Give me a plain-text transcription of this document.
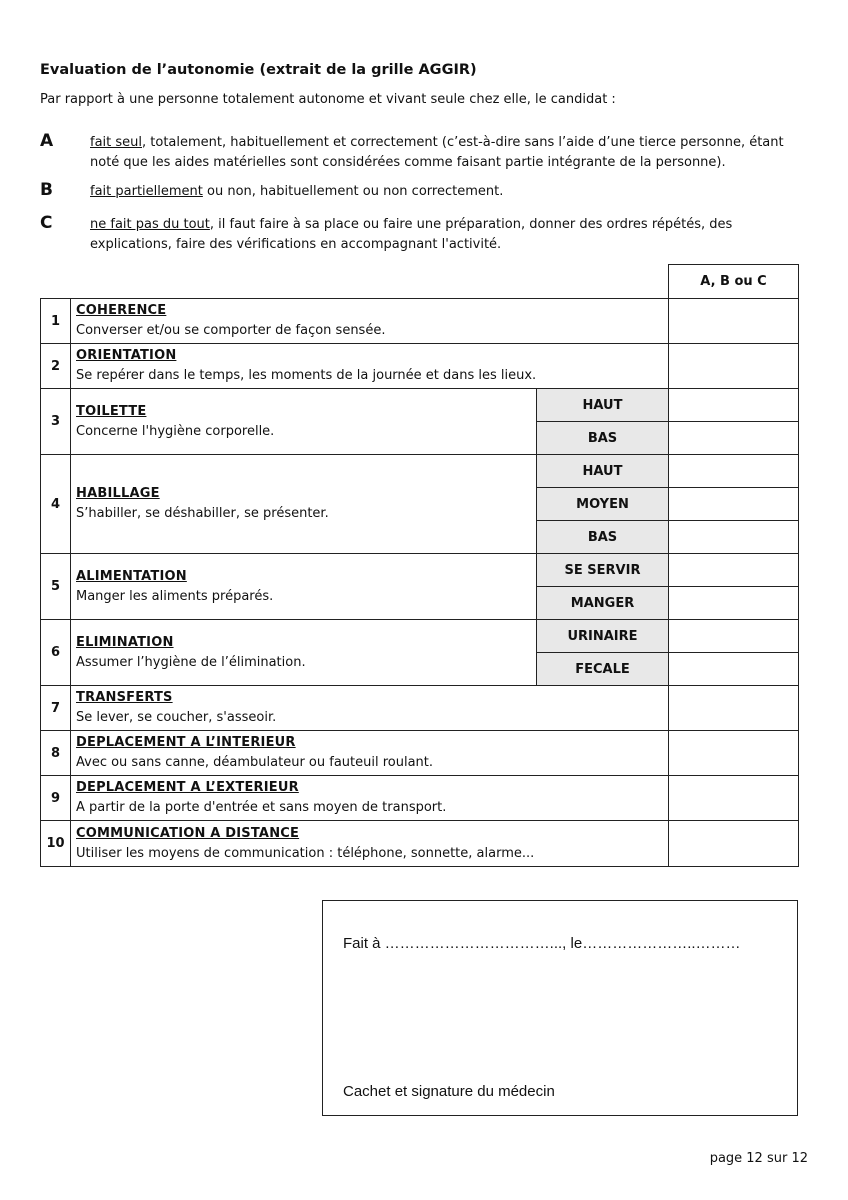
Evaluation de l’autonomie (extrait de la grille AGGIR)
Par rapport à une personne totalement autonome et vivant seule chez elle, le candidat :
A	fait seul, totalement, habituellement et correctement (c’est-à-dire sans l’aide d’une tierce personne, étant noté que les aides matérielles sont considérées comme faisant partie intégrante de la personne).
B	fait partiellement ou non, habituellement ou non correctement.
C	ne fait pas du tout, il faut faire à sa place ou faire une préparation, donner des ordres répétés, des explications, faire des vérifications en accompagnant l'activité.
			A, B ou C
1	COHERENCE
Converser et/ou se comporter de façon sensée.		

2	ORIENTATION
Se repérer dans le temps, les moments de la journée et dans les lieux.		

3	TOILETTE
Concerne l'hygiène corporelle.	HAUT	
		BAS	
4	HABILLAGE
S’habiller, se déshabiller, se présenter.	HAUT	
		MOYEN	
		BAS	
5	ALIMENTATION
Manger les aliments préparés.	SE SERVIR	
		MANGER	
6	ELIMINATION
Assumer l’hygiène de l’élimination.	URINAIRE	
		FECALE	
7	TRANSFERTS
Se lever, se coucher, s'asseoir.		

8	DEPLACEMENT A L’INTERIEUR
Avec ou sans canne, déambulateur ou fauteuil roulant.		

9	DEPLACEMENT A L’EXTERIEUR
A partir de la porte d'entrée et sans moyen de transport.		

10	COMMUNICATION A DISTANCE
Utiliser les moyens de communication : téléphone, sonnette, alarme...		

Fait à ……………………………..., le…………………..………
Cachet et signature du médecin
page 12 sur 12
